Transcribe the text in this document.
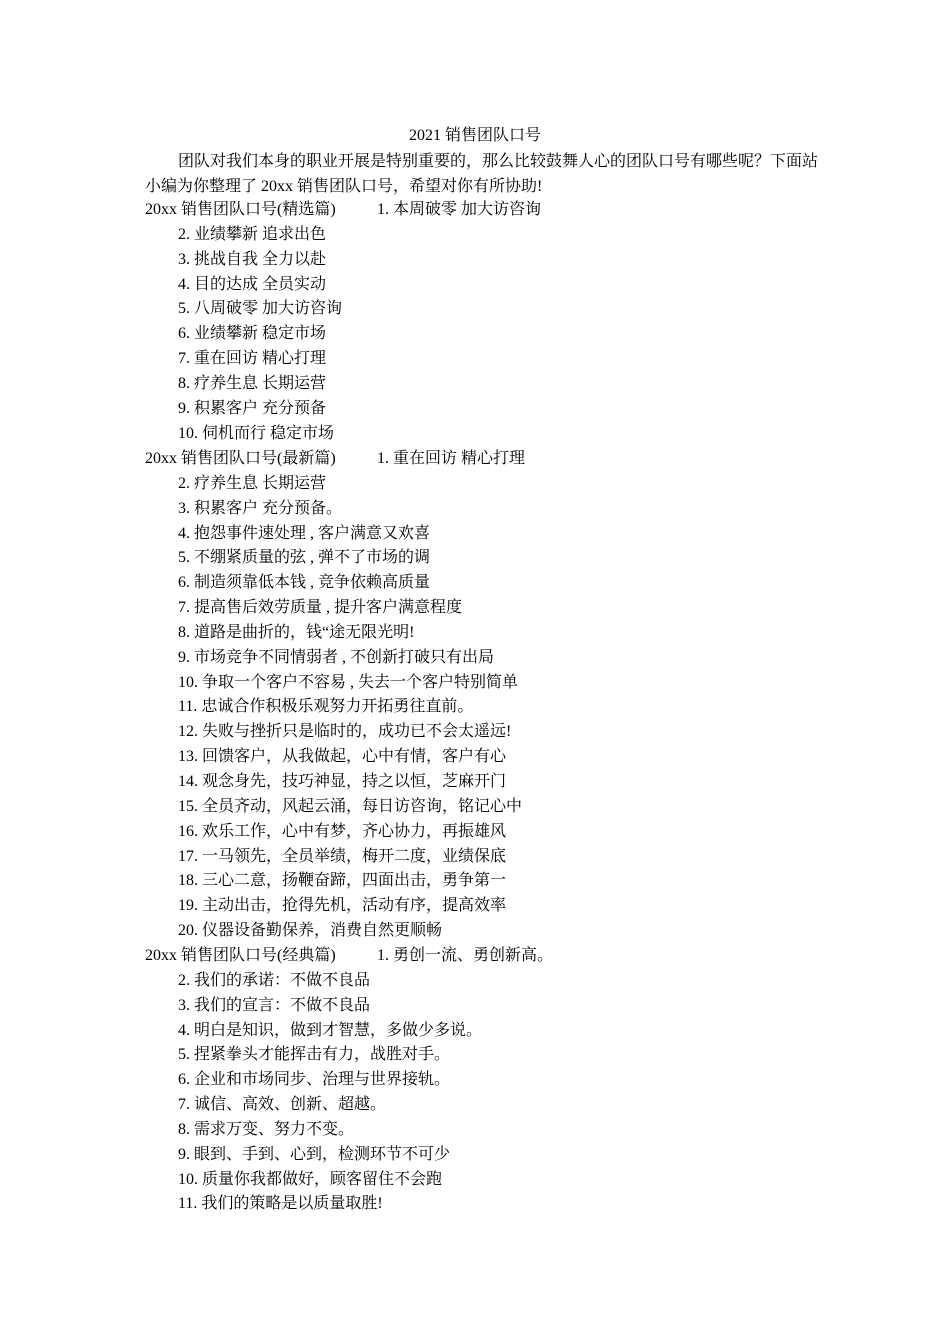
2021 销售团队口号

团队对我们本身的职业开展是特别重要的，那么比较鼓舞人心的团队口号有哪些呢？下面站小编为你整理了 20xx 销售团队口号，希望对你有所协助!

20xx 销售团队口号(精选篇)	1. 本周破零 加大访咨询
2. 业绩攀新 追求出色
3. 挑战自我 全力以赴
4. 目的达成 全员实动
5. 八周破零 加大访咨询
6. 业绩攀新 稳定市场
7. 重在回访 精心打理
8. 疗养生息 长期运营
9. 积累客户 充分预备
10. 伺机而行 稳定市场
20xx 销售团队口号(最新篇)	1. 重在回访 精心打理
2. 疗养生息 长期运营
3. 积累客户 充分预备。
4. 抱怨事件速处理 , 客户满意又欢喜
5. 不绷紧质量的弦 , 弹不了市场的调
6. 制造须靠低本钱 , 竞争依赖高质量
7. 提高售后效劳质量 , 提升客户满意程度
8. 道路是曲折的，钱“途无限光明!
9. 市场竞争不同情弱者 , 不创新打破只有出局
10. 争取一个客户不容易 , 失去一个客户特别简单
11. 忠诚合作积极乐观努力开拓勇往直前。
12. 失败与挫折只是临时的，成功已不会太遥远!
13. 回馈客户，从我做起，心中有情，客户有心
14. 观念身先，技巧神显，持之以恒，芝麻开门
15. 全员齐动，风起云涌，每日访咨询，铭记心中
16. 欢乐工作，心中有梦，齐心协力，再振雄风
17. 一马领先，全员举绩，梅开二度，业绩保底
18. 三心二意，扬鞭奋蹄，四面出击，勇争第一
19. 主动出击，抢得先机，活动有序，提高效率
20. 仪器设备勤保养，消费自然更顺畅
20xx 销售团队口号(经典篇)	1. 勇创一流、勇创新高。
2. 我们的承诺：不做不良品
3. 我们的宣言：不做不良品
4. 明白是知识，做到才智慧，多做少多说。
5. 捏紧拳头才能挥击有力，战胜对手。
6. 企业和市场同步、治理与世界接轨。
7. 诚信、高效、创新、超越。
8. 需求万变、努力不变。
9. 眼到、手到、心到，检测环节不可少
10. 质量你我都做好，顾客留住不会跑
11. 我们的策略是以质量取胜!
